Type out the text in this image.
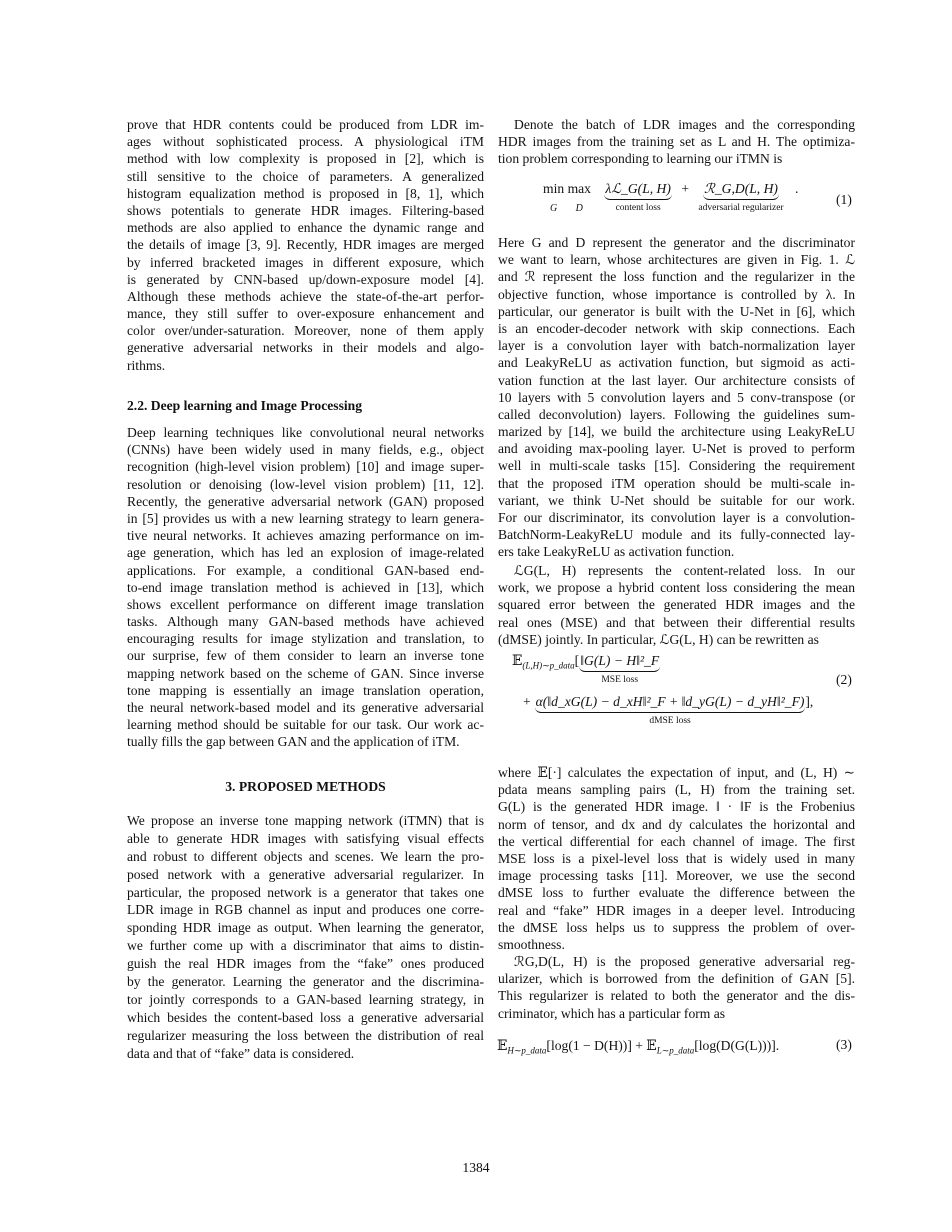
prove that HDR contents could be produced from LDR im-
ages without sophisticated process. A physiological iTM
method with low complexity is proposed in [2], which is
still sensitive to the choice of parameters. A generalized
histogram equalization method is proposed in [8, 1], which
shows potentials to generate HDR images. Filtering-based
methods are also applied to enhance the dynamic range and
the details of image [3, 9]. Recently, HDR images are merged
by inferred bracketed images in different exposure, which
is generated by CNN-based up/down-exposure model [4].
Although these methods achieve the state-of-the-art perfor-
mance, they still suffer to over-exposure enhancement and
color over/under-saturation. Moreover, none of them apply
generative adversarial networks in their models and algo-
rithms.
2.2. Deep learning and Image Processing
Deep learning techniques like convolutional neural networks
(CNNs) have been widely used in many fields, e.g., object
recognition (high-level vision problem) [10] and image super-
resolution or denoising (low-level vision problem) [11, 12].
Recently, the generative adversarial network (GAN) proposed
in [5] provides us with a new learning strategy to learn genera-
tive neural networks. It achieves amazing performance on im-
age generation, which has led an explosion of image-related
applications. For example, a conditional GAN-based end-
to-end image translation method is achieved in [13], which
shows excellent performance on different image translation
tasks. Although many GAN-based methods have achieved
encouraging results for image stylization and translation, to
our surprise, few of them consider to learn an inverse tone
mapping network based on the scheme of GAN. Since inverse
tone mapping is essentially an image translation operation,
the neural network-based model and its generative adversarial
learning method should be suitable for our task. Our work ac-
tually fills the gap between GAN and the application of iTM.
3. PROPOSED METHODS
We propose an inverse tone mapping network (iTMN) that is
able to generate HDR images with satisfying visual effects
and robust to different objects and scenes. We learn the pro-
posed network with a generative adversarial regularizer. In
particular, the proposed network is a generator that takes one
LDR image in RGB channel as input and produces one corre-
sponding HDR image as output. When learning the generator,
we further come up with a discriminator that aims to distin-
guish the real HDR images from the “fake” ones produced
by the generator. Learning the generator and the discrimina-
tor jointly corresponds to a GAN-based learning strategy, in
which besides the content-based loss a generative adversarial
regularizer measuring the loss between the distribution of real
data and that of “fake” data is considered.
Denote the batch of LDR images and the corresponding
HDR images from the training set as L and H. The optimiza-
tion problem corresponding to learning our iTMN is
min
G max
D λℒ_G(L, H)
content loss
+ ℛ_G,D(L, H)
adversarial regularizer
.
(1)
Here G and D represent the generator and the discriminator
we want to learn, whose architectures are given in Fig. 1. ℒ
and ℛ represent the loss function and the regularizer in the
objective function, whose importance is controlled by λ. In
particular, our generator is built with the U-Net in [6], which
is an encoder-decoder network with skip connections. Each
layer is a convolution layer with batch-normalization layer
and LeakyReLU as activation function, but sigmoid as acti-
vation function at the last layer. Our architecture consists of
10 layers with 5 convolution layers and 5 conv-transpose (or
called deconvolution) layers. Following the guidelines sum-
marized by [14], we build the architecture using LeakyReLU
and avoiding max-pooling layer. U-Net is proved to perform
well in multi-scale tasks [15]. Considering the requirement
that the proposed iTM operation should be multi-scale in-
variant, we think U-Net should be suitable for our work.
For our discriminator, its convolution layer is a convolution-
BatchNorm-LeakyReLU module and its fully-connected lay-
ers take LeakyReLU as activation function.
ℒG(L, H) represents the content-related loss. In our
work, we propose a hybrid content loss considering the mean
squared error between the generated HDR images and the
real ones (MSE) and that between their differential results
(dMSE) jointly. In particular, ℒG(L, H) can be rewritten as
𝔼$_{(L,H)\sim p\_data}$[‖G(L) − H‖²_F
MSE loss
+ α(‖d_xG(L) − d_xH‖²_F + ‖d_yG(L) − d_yH‖²_F)
dMSE loss
],
(2)
where 𝔼[·] calculates the expectation of input, and (L, H) ∼
pdata means sampling pairs (L, H) from the training set.
G(L) is the generated HDR image. ‖ · ‖F is the Frobenius
norm of tensor, and dx and dy calculates the horizontal and
the vertical differential for each channel of image. The first
MSE loss is a pixel-level loss that is widely used in many
image processing tasks [11]. Moreover, we use the second
dMSE loss to further evaluate the difference between the
real and “fake” HDR images in a deeper level. Introducing
the dMSE loss helps us to suppress the problem of over-
smoothness.
ℛG,D(L, H) is the proposed generative adversarial reg-
ularizer, which is borrowed from the definition of GAN [5].
This regularizer is related to both the generator and the dis-
criminator, which has a particular form as
𝔼$_{H\sim p\_data}$[log(1 − D(H))] + 𝔼$_{L\sim p\_data}$[log(D(G(L)))].	(3)
1384
